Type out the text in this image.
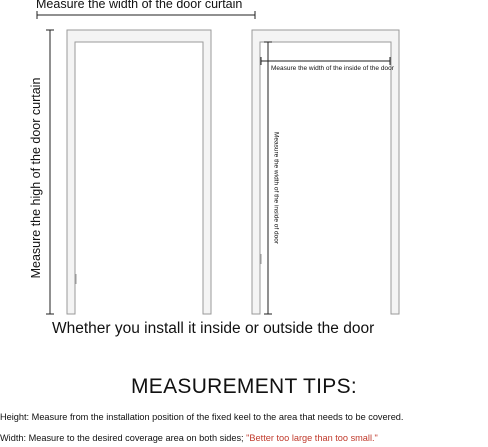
Measure the width of the door curtain
Measure the high of the door curtain
Measure the width of the inside of the door
Measure the width of the inside of door
Whether you install it inside or outside the door
MEASUREMENT TIPS:
Height: Measure from the installation position of the fixed keel to the area that needs to be covered.
Width: Measure to the desired coverage area on both sides; "Better too large than too small."
